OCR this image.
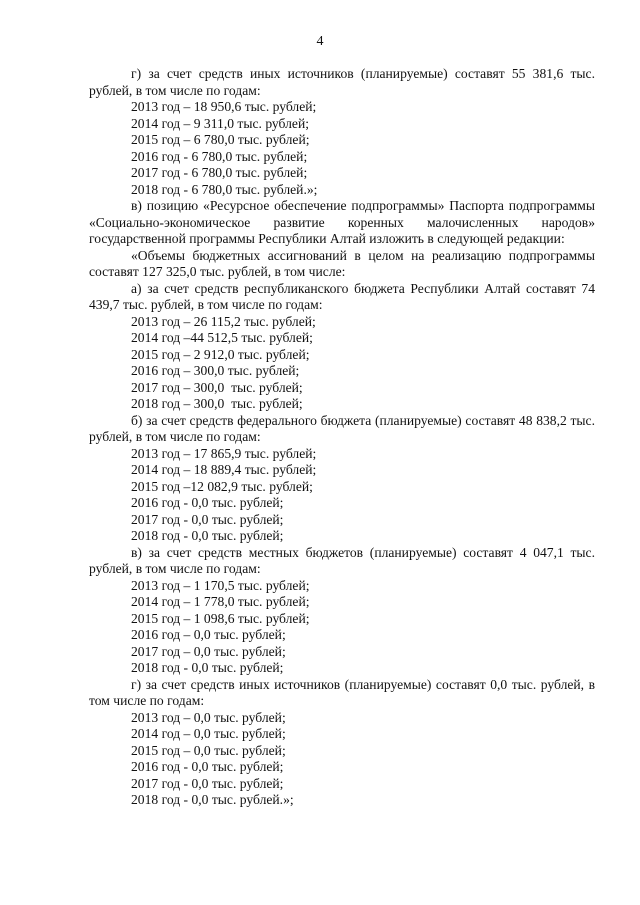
4

г) за счет средств иных источников (планируемые) составят 55 381,6 тыс. рублей, в том числе по годам:

2013 год – 18 950,6 тыс. рублей;

2014 год – 9 311,0 тыс. рублей;

2015 год – 6 780,0 тыс. рублей;

2016 год - 6 780,0 тыс. рублей;

2017 год - 6 780,0 тыс. рублей;

2018 год - 6 780,0 тыс. рублей.»;

в) позицию «Ресурсное обеспечение подпрограммы» Паспорта подпрограммы «Социально-экономическое развитие коренных малочисленных народов» государственной программы Республики Алтай изложить в следующей редакции:

«Объемы бюджетных ассигнований в целом на реализацию подпрограммы составят 127 325,0 тыс. рублей, в том числе:

а) за счет средств республиканского бюджета Республики Алтай составят 74 439,7 тыс. рублей, в том числе по годам:

2013 год – 26 115,2 тыс. рублей;

2014 год –44 512,5 тыс. рублей;

2015 год – 2 912,0 тыс. рублей;

2016 год – 300,0 тыс. рублей;

2017 год – 300,0  тыс. рублей;

2018 год – 300,0  тыс. рублей;

б) за счет средств федерального бюджета (планируемые) составят 48 838,2 тыс. рублей, в том числе по годам:

2013 год – 17 865,9 тыс. рублей;

2014 год – 18 889,4 тыс. рублей;

2015 год –12 082,9 тыс. рублей;

2016 год - 0,0 тыс. рублей;

2017 год - 0,0 тыс. рублей;

2018 год - 0,0 тыс. рублей;

в) за счет средств местных бюджетов (планируемые) составят 4 047,1 тыс. рублей, в том числе по годам:

2013 год – 1 170,5 тыс. рублей;

2014 год – 1 778,0 тыс. рублей;

2015 год – 1 098,6 тыс. рублей;

2016 год – 0,0 тыс. рублей;

2017 год – 0,0 тыс. рублей;

2018 год - 0,0 тыс. рублей;

г) за счет средств иных источников (планируемые) составят 0,0 тыс. рублей, в том числе по годам:

2013 год – 0,0 тыс. рублей;

2014 год – 0,0 тыс. рублей;

2015 год – 0,0 тыс. рублей;

2016 год - 0,0 тыс. рублей;

2017 год - 0,0 тыс. рублей;

2018 год - 0,0 тыс. рублей.»;
